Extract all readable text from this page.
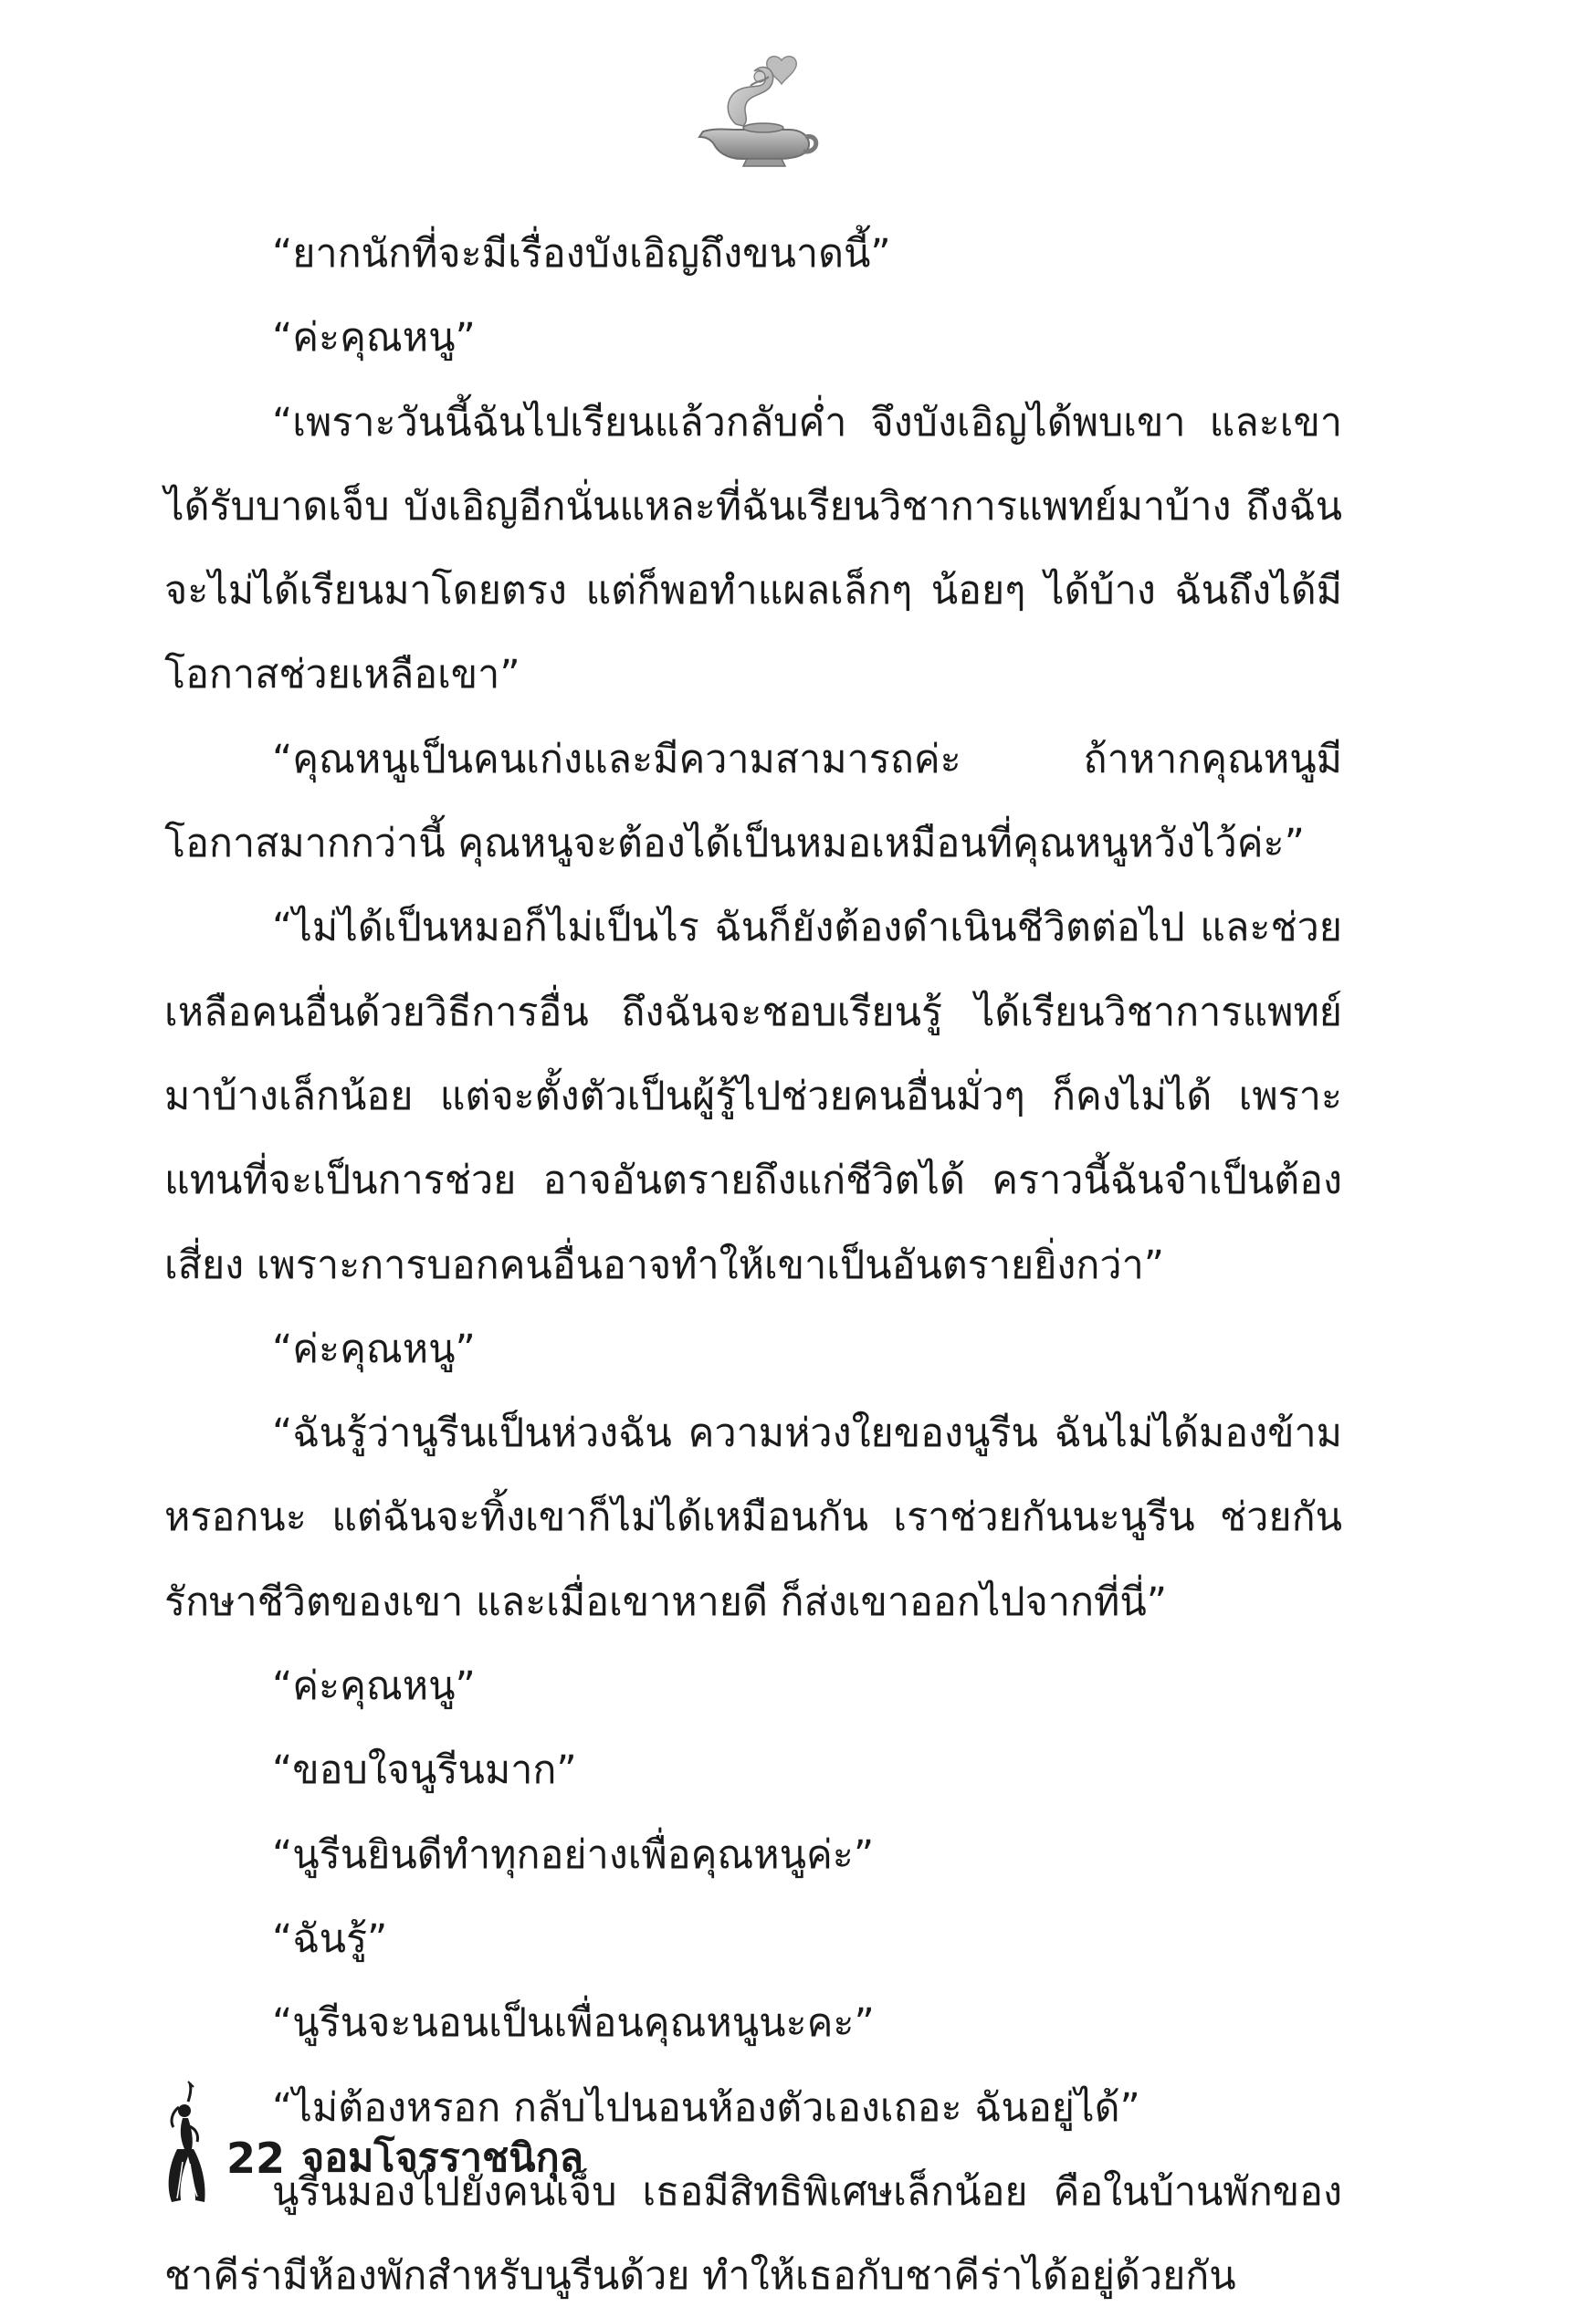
“ยากนักที่จะมีเรื่องบังเอิญถึงขนาดนี้”

“ค่ะคุณหนู”

“เพราะวันนี้ฉันไปเรียนแล้วกลับค่ำ จึงบังเอิญได้พบเขา และเขาได้รับบาดเจ็บ บังเอิญอีกนั่นแหละที่ฉันเรียนวิชาการแพทย์มาบ้าง ถึงฉันจะไม่ได้เรียนมาโดยตรง แต่ก็พอทำแผลเล็กๆ น้อยๆ ได้บ้าง ฉันถึงได้มีโอกาสช่วยเหลือเขา”

“คุณหนูเป็นคนเก่งและมีความสามารถค่ะ ถ้าหากคุณหนูมีโอกาสมากกว่านี้ คุณหนูจะต้องได้เป็นหมอเหมือนที่คุณหนูหวังไว้ค่ะ”

“ไม่ได้เป็นหมอก็ไม่เป็นไร ฉันก็ยังต้องดำเนินชีวิตต่อไป และช่วยเหลือคนอื่นด้วยวิธีการอื่น ถึงฉันจะชอบเรียนรู้ ได้เรียนวิชาการแพทย์มาบ้างเล็กน้อย แต่จะตั้งตัวเป็นผู้รู้ไปช่วยคนอื่นมั่วๆ ก็คงไม่ได้ เพราะแทนที่จะเป็นการช่วย อาจอันตรายถึงแก่ชีวิตได้ คราวนี้ฉันจำเป็นต้องเสี่ยง เพราะการบอกคนอื่นอาจทำให้เขาเป็นอันตรายยิ่งกว่า”

“ค่ะคุณหนู”

“ฉันรู้ว่านูรีนเป็นห่วงฉัน ความห่วงใยของนูรีน ฉันไม่ได้มองข้ามหรอกนะ แต่ฉันจะทิ้งเขาก็ไม่ได้เหมือนกัน เราช่วยกันนะนูรีน ช่วยกันรักษาชีวิตของเขา และเมื่อเขาหายดี ก็ส่งเขาออกไปจากที่นี่”

“ค่ะคุณหนู”

“ขอบใจนูรีนมาก”

“นูรีนยินดีทำทุกอย่างเพื่อคุณหนูค่ะ”

“ฉันรู้”

“นูรีนจะนอนเป็นเพื่อนคุณหนูนะคะ”

“ไม่ต้องหรอก กลับไปนอนห้องตัวเองเถอะ ฉันอยู่ได้”

นูรีนมองไปยังคนเจ็บ เธอมีสิทธิพิเศษเล็กน้อย คือในบ้านพักของชาคีร่ามีห้องพักสำหรับนูรีนด้วย ทำให้เธอกับชาคีร่าได้อยู่ด้วยกัน

22 จอมโจรราชนิกุล
